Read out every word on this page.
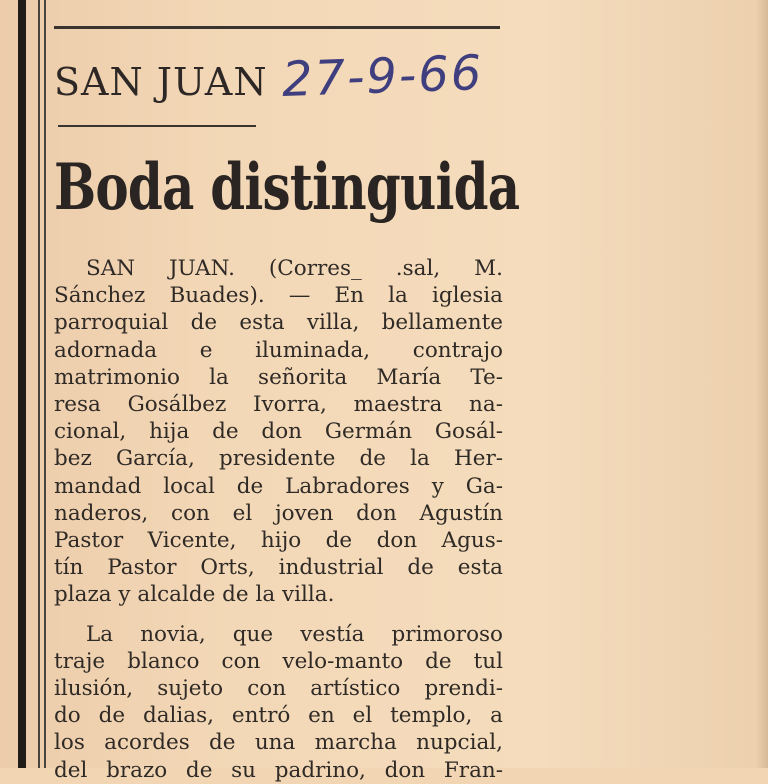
SAN JUAN 27-9-66
Boda distinguida

SAN JUAN. (Corres_ .sal, M.
Sánchez Buades). — En la iglesia
parroquial de esta villa, bellamente
adornada e iluminada, contrajo
matrimonio la señorita María Te-
resa Gosálbez Ivorra, maestra na-
cional, hija de don Germán Gosál-
bez García, presidente de la Her-
mandad local de Labradores y Ga-
naderos, con el joven don Agustín
Pastor Vicente, hijo de don Agus-
tín Pastor Orts, industrial de esta
plaza y alcalde de la villa.

La novia, que vestía primoroso
traje blanco con velo-manto de tul
ilusión, sujeto con artístico prendi-
do de dalias, entró en el templo, a
los acordes de una marcha nupcial,
del brazo de su padrino, don Fran-
